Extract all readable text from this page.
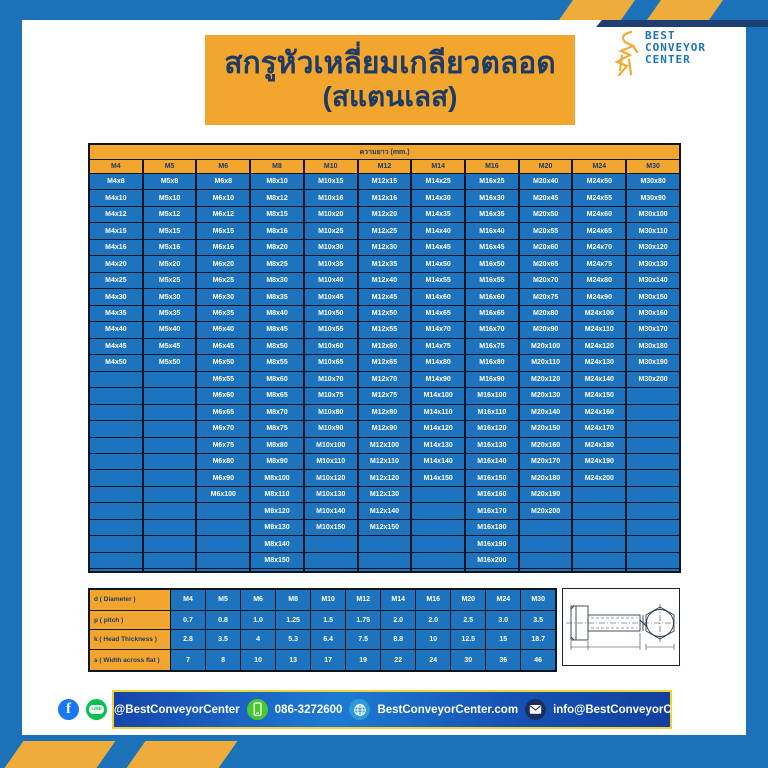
สกรูหัวเหลี่ยมเกลียวตลอด
(สแตนเลส)
BEST
CONVEYOR
CENTER
ความยาว (mm.)										
M4	M5	M6	M8	M10	M12	M14	M16	M20	M24	M30
M4x8	M5x8	M6x8	M8x10	M10x15	M12x15	M14x25	M16x25	M20x40	M24x50	M30x80
M4x10	M5x10	M6x10	M8x12	M10x16	M12x16	M14x30	M16x30	M20x45	M24x55	M30x90
M4x12	M5x12	M6x12	M8x15	M10x20	M12x20	M14x35	M16x35	M20x50	M24x60	M30x100
M4x15	M5x15	M6x15	M8x16	M10x25	M12x25	M14x40	M16x40	M20x55	M24x65	M30x110
M4x16	M5x16	M6x16	M8x20	M10x30	M12x30	M14x45	M16x45	M20x60	M24x70	M30x120
M4x20	M5x20	M6x20	M8x25	M10x35	M12x35	M14x50	M16x50	M20x65	M24x75	M30x130
M4x25	M5x25	M6x25	M8x30	M10x40	M12x40	M14x55	M16x55	M20x70	M24x80	M30x140
M4x30	M5x30	M6x30	M8x35	M10x45	M12x45	M14x60	M16x60	M20x75	M24x90	M30x150
M4x35	M5x35	M6x35	M8x40	M10x50	M12x50	M14x65	M16x65	M20x80	M24x100	M30x160
M4x40	M5x40	M6x40	M8x45	M10x55	M12x55	M14x70	M16x70	M20x90	M24x110	M30x170
M4x45	M5x45	M6x45	M8x50	M10x60	M12x60	M14x75	M16x75	M20x100	M24x120	M30x180
M4x50	M5x50	M6x50	M8x55	M10x65	M12x65	M14x80	M16x80	M20x110	M24x130	M30x190
		M6x55	M8x60	M10x70	M12x70	M14x90	M16x90	M20x120	M24x140	M30x200
		M6x60	M8x65	M10x75	M12x75	M14x100	M16x100	M20x130	M24x150	
		M6x65	M8x70	M10x80	M12x80	M14x110	M16x110	M20x140	M24x160	
		M6x70	M8x75	M10x90	M12x90	M14x120	M16x120	M20x150	M24x170	
		M6x75	M8x80	M10x100	M12x100	M14x130	M16x130	M20x160	M24x180	
		M6x80	M8x90	M10x110	M12x110	M14x140	M16x140	M20x170	M24x190	
		M6x90	M8x100	M10x120	M12x120	M14x150	M16x150	M20x180	M24x200	
		M6x100	M8x110	M10x130	M12x130		M16x160	M20x190		
			M8x120	M10x140	M12x140		M16x170	M20x200		
			M8x130	M10x150	M12x150		M16x180			
			M8x140				M16x190			
			M8x150				M16x200			

d ( Diameter )	M4	M5	M6	M8	M10	M12	M14	M16	M20	M24	M30
p ( pitch )	0.7	0.8	1.0	1.25	1.5	1.75	2.0	2.0	2.5	3.0	3.5
k ( Head Thickness )	2.8	3.5	4	5.3	6.4	7.5	8.8	10	12.5	15	18.7
s ( Width across flat )	7	8	10	13	17	19	22	24	30	36	46
f	LINE @BestConveyorCenter	086-3272600	BestConveyorCenter.com	info@BestConveyorCenter.com
